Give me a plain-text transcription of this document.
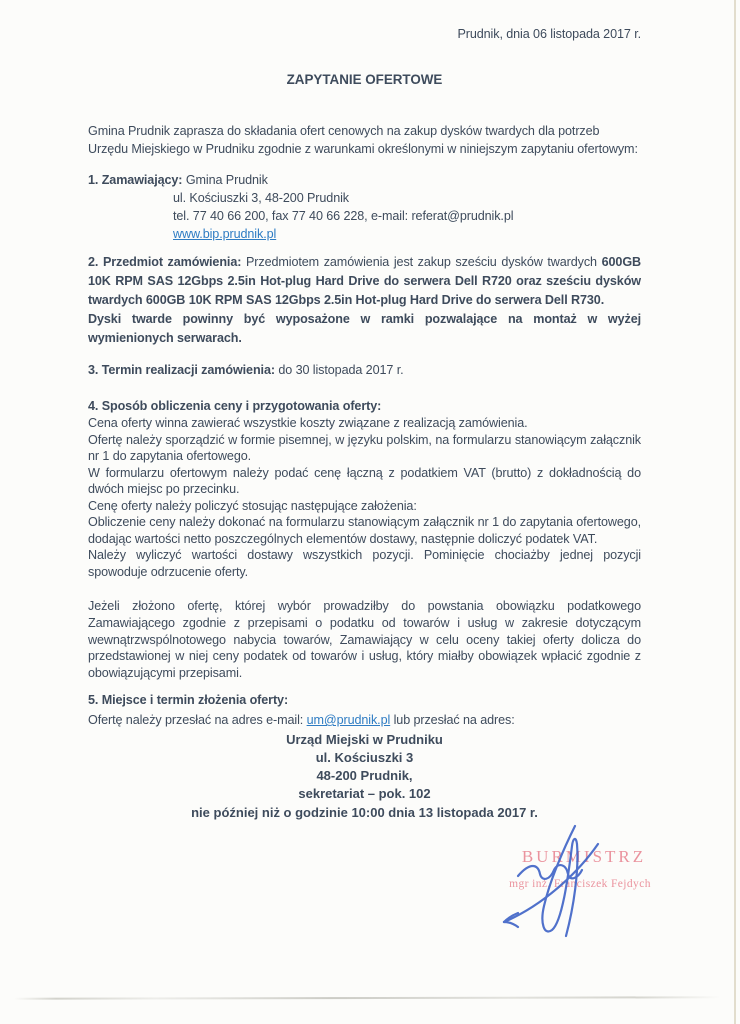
Prudnik, dnia 06 listopada 2017 r.
ZAPYTANIE OFERTOWE
Gmina Prudnik zaprasza do składania ofert cenowych na zakup dysków twardych dla potrzeb Urzędu Miejskiego w Prudniku zgodnie z warunkami określonymi w niniejszym zapytaniu ofertowym:
1. Zamawiający: Gmina Prudnik
ul. Kościuszki 3, 48-200 Prudnik
tel. 77 40 66 200, fax 77 40 66 228, e-mail: referat@prudnik.pl
www.bip.prudnik.pl
2. Przedmiot zamówienia: Przedmiotem zamówienia jest zakup sześciu dysków twardych 600GB 10K RPM SAS 12Gbps 2.5in Hot-plug Hard Drive do serwera Dell R720 oraz sześciu dysków twardych 600GB 10K RPM SAS 12Gbps 2.5in Hot-plug Hard Drive do serwera Dell R730.
Dyski twarde powinny być wyposażone w ramki pozwalające na montaż w wyżej wymienionych serwarach.
3. Termin realizacji zamówienia: do 30 listopada 2017 r.
4. Sposób obliczenia ceny i przygotowania oferty:
Cena oferty winna zawierać wszystkie koszty związane z realizacją zamówienia.
Ofertę należy sporządzić w formie pisemnej, w języku polskim, na formularzu stanowiącym załącznik nr 1 do zapytania ofertowego.
W formularzu ofertowym należy podać cenę łączną z podatkiem VAT (brutto) z dokładnością do dwóch miejsc po przecinku.
Cenę oferty należy policzyć stosując następujące założenia:
Obliczenie ceny należy dokonać na formularzu stanowiącym załącznik nr 1 do zapytania ofertowego, dodając wartości netto poszczególnych elementów dostawy, następnie doliczyć podatek VAT.
Należy wyliczyć wartości dostawy wszystkich pozycji. Pominięcie chociażby jednej pozycji spowoduje odrzucenie oferty.
Jeżeli złożono ofertę, której wybór prowadziłby do powstania obowiązku podatkowego Zamawiającego zgodnie z przepisami o podatku od towarów i usług w zakresie dotyczącym wewnątrzwspólnotowego nabycia towarów, Zamawiający w celu oceny takiej oferty dolicza do przedstawionej w niej ceny podatek od towarów i usług, który miałby obowiązek wpłacić zgodnie z obowiązującymi przepisami.
5. Miejsce i termin złożenia oferty:
Ofertę należy przesłać na adres e-mail: um@prudnik.pl lub przesłać na adres:
Urząd Miejski w Prudniku
ul. Kościuszki 3
48-200 Prudnik,
sekretariat – pok. 102
nie później niż o godzinie 10:00 dnia 13 listopada 2017 r.
BURMISTRZ
mgr inż. Franciszek Fejdych
